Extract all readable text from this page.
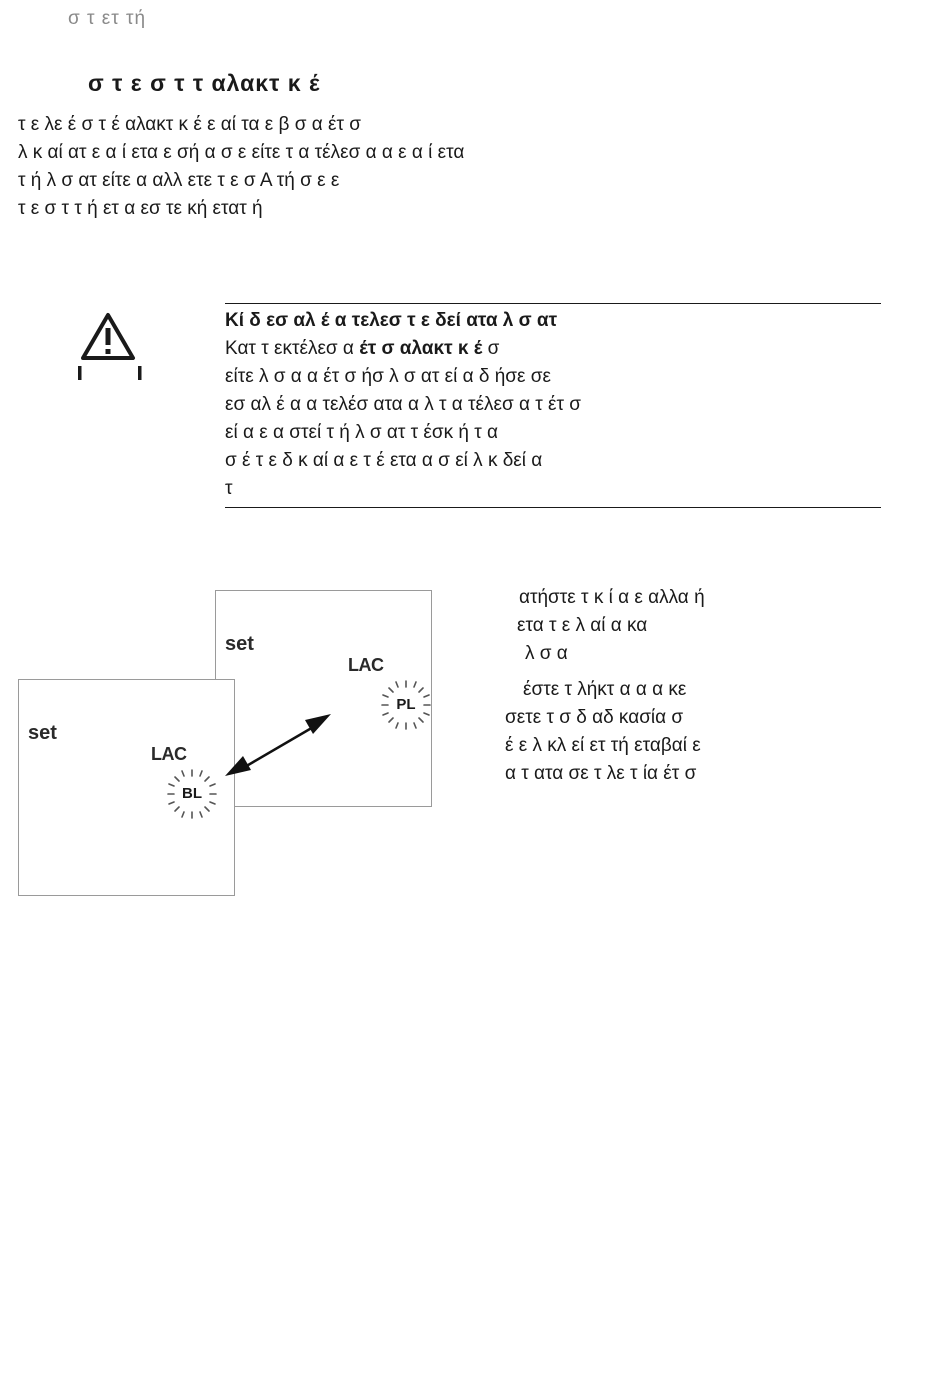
σ τ ετ τή
σ τ ε σ τ τ αλακτ κ έ

τ ε λε έ σ τ έ αλακτ κ έ ε αί τα ε β σ α έτ σ

λ κ αί ατ ε α ί ετα ε σή α σ ε είτε τ α τέλεσ α α ε α ί ετα

τ ή λ σ ατ είτε α αλλ ετε τ ε σ Α τή σ ε ε

τ ε σ τ τ ή ετ α εσ τε κή ετατ ή

Κί δ εσ αλ έ α τελεσ τ ε δεί ατα λ σ ατ

Κατ τ εκτέλεσ α έτ σ αλακτ κ έ σ

είτε λ σ α α έτ σ ήσ λ σ ατ εί α δ ήσε σε

εσ αλ έ α α τελέσ ατα α λ τ α τέλεσ α τ έτ σ

εί α ε α στεί τ ή λ σ ατ τ έσκ ή τ α

σ έ τ ε δ κ αί α ε τ έ ετα α σ εί λ κ δεί α

τ

set
LAC
PL
set
LAC
BL

ατήστε τ κ ί α ε αλλα ή

ετα τ ε λ αί α κα

λ σ α

έστε τ λήκτ α α α κε

σετε τ σ δ αδ κασία σ

έ ε λ κλ εί ετ τή εταβαί ε

α τ ατα σε τ λε τ ία έτ σ
